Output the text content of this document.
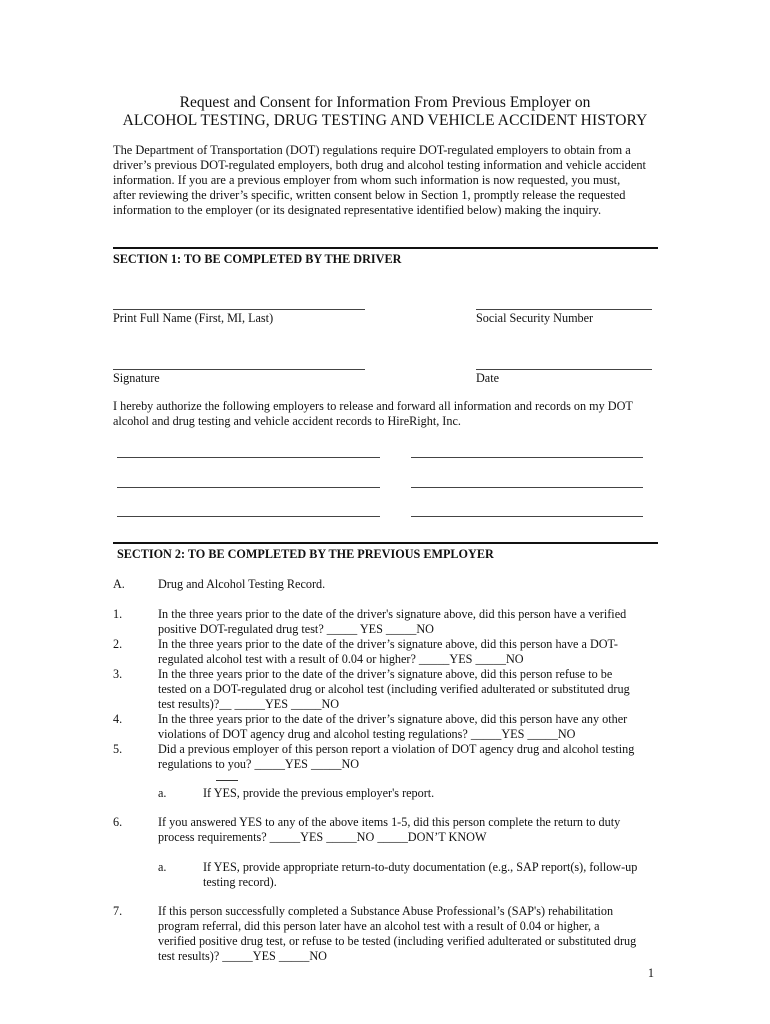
Request and Consent for Information From Previous Employer on
ALCOHOL TESTING, DRUG TESTING AND VEHICLE ACCIDENT HISTORY
The Department of Transportation (DOT) regulations require DOT-regulated employers to obtain from a
driver’s previous DOT-regulated employers, both drug and alcohol testing information and vehicle accident
information. If you are a previous employer from whom such information is now requested, you must,
after reviewing the driver’s specific, written consent below in Section 1, promptly release the requested
information to the employer (or its designated representative identified below) making the inquiry.
SECTION 1: TO BE COMPLETED BY THE DRIVER
Print Full Name (First, MI, Last)	Social Security Number
Signature	Date
I hereby authorize the following employers to release and forward all information and records on my DOT
alcohol and drug testing and vehicle accident records to HireRight, Inc.
SECTION 2: TO BE COMPLETED BY THE PREVIOUS EMPLOYER
A.	Drug and Alcohol Testing Record.
1.	In the three years prior to the date of the driver's signature above, did this person have a verified
positive DOT-regulated drug test? _____ YES _____NO
2.	In the three years prior to the date of the driver’s signature above, did this person have a DOT-
regulated alcohol test with a result of 0.04 or higher? _____YES _____NO
3.	In the three years prior to the date of the driver’s signature above, did this person refuse to be
tested on a DOT-regulated drug or alcohol test (including verified adulterated or substituted drug
test results)?__ _____YES _____NO
4.	In the three years prior to the date of the driver’s signature above, did this person have any other
violations of DOT agency drug and alcohol testing regulations? _____YES _____NO
5.	Did a previous employer of this person report a violation of DOT agency drug and alcohol testing
regulations to you? _____YES _____NO
a.	If YES, provide the previous employer's report.
6.	If you answered YES to any of the above items 1-5, did this person complete the return to duty
process requirements? _____YES _____NO _____DON’T KNOW
a.	If YES, provide appropriate return-to-duty documentation (e.g., SAP report(s), follow-up
testing record).
7.	If this person successfully completed a Substance Abuse Professional’s (SAP's) rehabilitation
program referral, did this person later have an alcohol test with a result of 0.04 or higher, a
verified positive drug test, or refuse to be tested (including verified adulterated or substituted drug
test results)? _____YES _____NO
1
